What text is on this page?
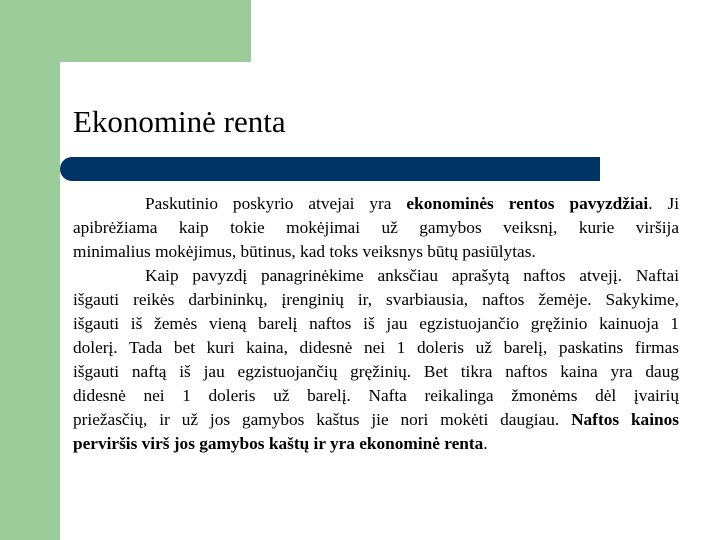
Ekonominė renta
Paskutinio poskyrio atvejai yra ekonominės rentos pavyzdžiai. Ji
apibrėžiama kaip tokie mokėjimai už gamybos veiksnį, kurie viršija
minimalius mokėjimus, būtinus, kad toks veiksnys būtų pasiūlytas.
Kaip pavyzdį panagrinėkime anksčiau aprašytą naftos atvejį. Naftai
išgauti reikės darbininkų, įrenginių ir, svarbiausia, naftos žemėje. Sakykime,
išgauti iš žemės vieną barelį naftos iš jau egzistuojančio gręžinio kainuoja 1
dolerį. Tada bet kuri kaina, didesnė nei 1 doleris už barelį, paskatins firmas
išgauti naftą iš jau egzistuojančių gręžinių. Bet tikra naftos kaina yra daug
didesnė nei 1 doleris už barelį. Nafta reikalinga žmonėms dėl įvairių
priežasčių, ir už jos gamybos kaštus jie nori mokėti daugiau. Naftos kainos
perviršis virš jos gamybos kaštų ir yra ekonominė renta.
